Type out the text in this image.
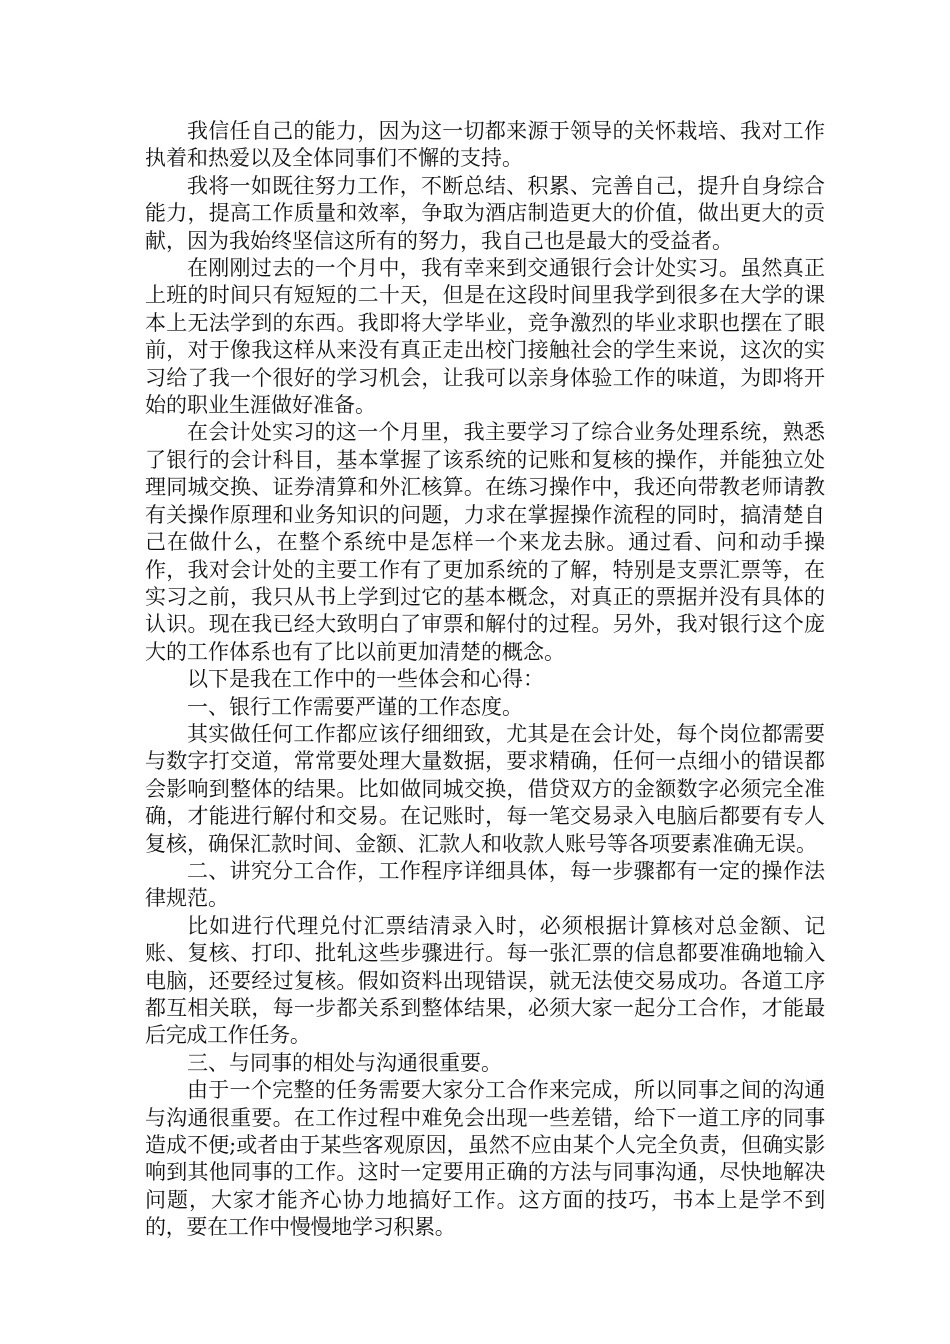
我信任自己的能力，因为这一切都来源于领导的关怀栽培、我对工作执着和热爱以及全体同事们不懈的支持。

我将一如既往努力工作，不断总结、积累、完善自己，提升自身综合能力，提高工作质量和效率，争取为酒店制造更大的价值，做出更大的贡献，因为我始终坚信这所有的努力，我自己也是最大的受益者。

在刚刚过去的一个月中，我有幸来到交通银行会计处实习。虽然真正上班的时间只有短短的二十天，但是在这段时间里我学到很多在大学的课本上无法学到的东西。我即将大学毕业，竞争激烈的毕业求职也摆在了眼前，对于像我这样从来没有真正走出校门接触社会的学生来说，这次的实习给了我一个很好的学习机会，让我可以亲身体验工作的味道，为即将开始的职业生涯做好准备。

在会计处实习的这一个月里，我主要学习了综合业务处理系统，熟悉了银行的会计科目，基本掌握了该系统的记账和复核的操作，并能独立处理同城交换、证券清算和外汇核算。在练习操作中，我还向带教老师请教有关操作原理和业务知识的问题，力求在掌握操作流程的同时，搞清楚自己在做什么，在整个系统中是怎样一个来龙去脉。通过看、问和动手操作，我对会计处的主要工作有了更加系统的了解，特别是支票汇票等，在实习之前，我只从书上学到过它的基本概念，对真正的票据并没有具体的认识。现在我已经大致明白了审票和解付的过程。另外，我对银行这个庞大的工作体系也有了比以前更加清楚的概念。

以下是我在工作中的一些体会和心得：

一、银行工作需要严谨的工作态度。

其实做任何工作都应该仔细细致，尤其是在会计处，每个岗位都需要与数字打交道，常常要处理大量数据，要求精确，任何一点细小的错误都会影响到整体的结果。比如做同城交换，借贷双方的金额数字必须完全准确，才能进行解付和交易。在记账时，每一笔交易录入电脑后都要有专人复核，确保汇款时间、金额、汇款人和收款人账号等各项要素准确无误。

二、讲究分工合作，工作程序详细具体，每一步骤都有一定的操作法律规范。

比如进行代理兑付汇票结清录入时，必须根据计算核对总金额、记账、复核、打印、批轧这些步骤进行。每一张汇票的信息都要准确地输入电脑，还要经过复核。假如资料出现错误，就无法使交易成功。各道工序都互相关联，每一步都关系到整体结果，必须大家一起分工合作，才能最后完成工作任务。

三、与同事的相处与沟通很重要。

由于一个完整的任务需要大家分工合作来完成，所以同事之间的沟通与沟通很重要。在工作过程中难免会出现一些差错，给下一道工序的同事造成不便;或者由于某些客观原因，虽然不应由某个人完全负责，但确实影响到其他同事的工作。这时一定要用正确的方法与同事沟通，尽快地解决问题，大家才能齐心协力地搞好工作。这方面的技巧，书本上是学不到的，要在工作中慢慢地学习积累。
